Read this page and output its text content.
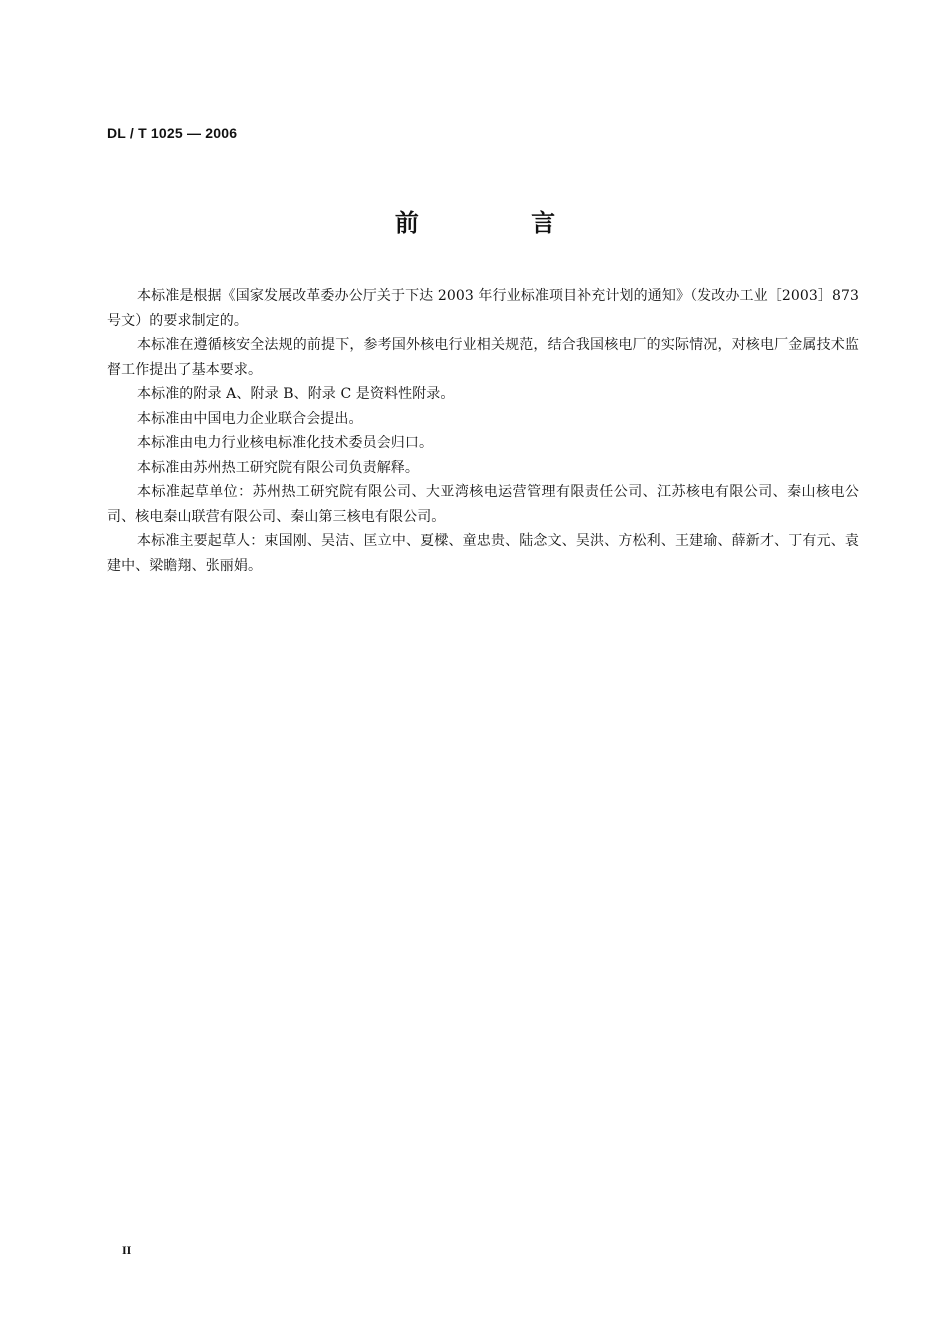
DL / T 1025 — 2006
前 言

本标准是根据《国家发展改革委办公厅关于下达 2003 年行业标准项目补充计划的通知》（发改办工业［2003］873 号文）的要求制定的。

本标准在遵循核安全法规的前提下，参考国外核电行业相关规范，结合我国核电厂的实际情况，对核电厂金属技术监督工作提出了基本要求。

本标准的附录 A、附录 B、附录 C 是资料性附录。

本标准由中国电力企业联合会提出。

本标准由电力行业核电标准化技术委员会归口。

本标准由苏州热工研究院有限公司负责解释。

本标准起草单位：苏州热工研究院有限公司、大亚湾核电运营管理有限责任公司、江苏核电有限公司、秦山核电公司、核电秦山联营有限公司、秦山第三核电有限公司。

本标准主要起草人：束国刚、吴洁、匡立中、夏樑、童忠贵、陆念文、吴洪、方松利、王建瑜、薛新才、丁有元、袁建中、梁瞻翔、张丽娟。

II
